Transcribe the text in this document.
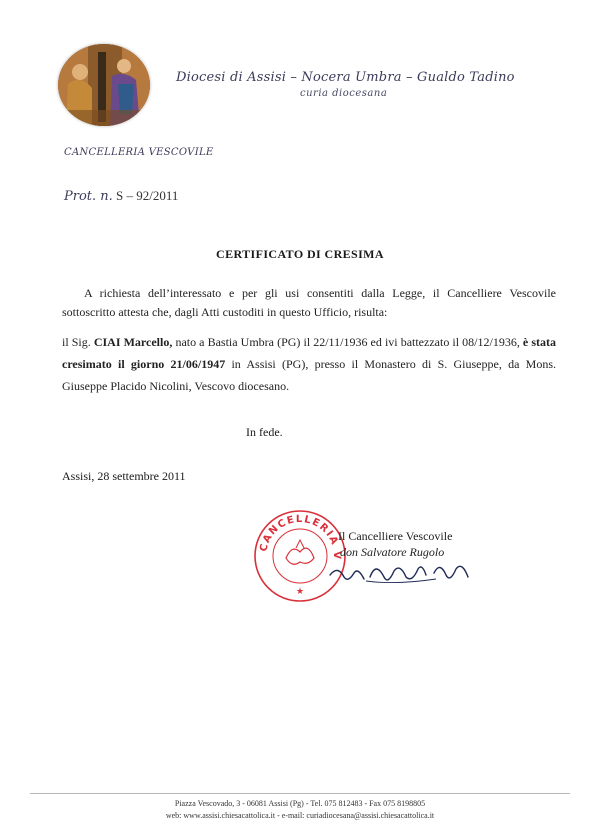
Diocesi di Assisi – Nocera Umbra – Gualdo Tadino
curia diocesana
CANCELLERIA VESCOVILE
Prot. n. S – 92/2011
CERTIFICATO DI CRESIMA
A richiesta dell’interessato e per gli usi consentiti dalla Legge, il Cancelliere Vescovile sottoscritto attesta che, dagli Atti custoditi in questo Ufficio, risulta:
il Sig. CIAI Marcello, nato a Bastia Umbra (PG) il 22/11/1936 ed ivi battezzato il 08/12/1936, è stata cresimato il giorno 21/06/1947 in Assisi (PG), presso il Monastero di S. Giuseppe, da Mons. Giuseppe Placido Nicolini, Vescovo diocesano.
In fede.
Assisi, 28 settembre 2011
CANCELLERIA V
★
Il Cancelliere Vescovile
don Salvatore Rugolo
Piazza Vescovado, 3 - 06081 Assisi (Pg) - Tel. 075 812483 - Fax 075 8198805
web: www.assisi.chiesacattolica.it - e-mail: curiadiocesana@assisi.chiesacattolica.it
